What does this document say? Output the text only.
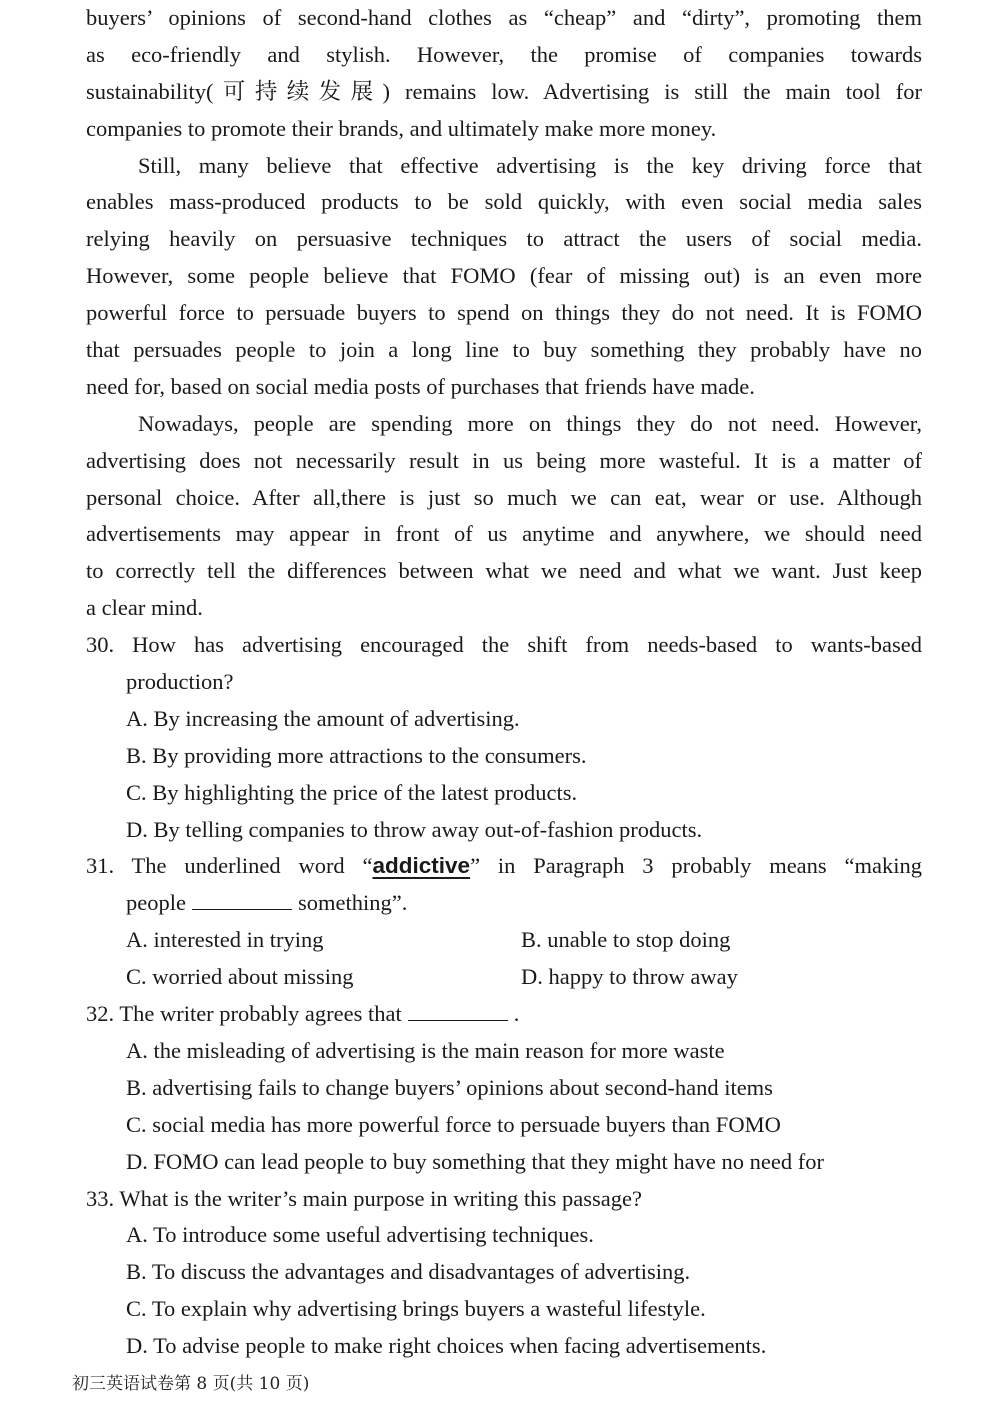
buyers’ opinions of second-hand clothes as “cheap” and “dirty”, promoting them
as eco-friendly and stylish. However, the promise of companies towards
sustainability(可持续发展) remains low. Advertising is still the main tool for
companies to promote their brands, and ultimately make more money.
Still, many believe that effective advertising is the key driving force that
enables mass-produced products to be sold quickly, with even social media sales
relying heavily on persuasive techniques to attract the users of social media.
However, some people believe that FOMO (fear of missing out) is an even more
powerful force to persuade buyers to spend on things they do not need. It is FOMO
that persuades people to join a long line to buy something they probably have no
need for, based on social media posts of purchases that friends have made.
Nowadays, people are spending more on things they do not need. However,
advertising does not necessarily result in us being more wasteful. It is a matter of
personal choice. After all,there is just so much we can eat, wear or use. Although
advertisements may appear in front of us anytime and anywhere, we should need
to correctly tell the differences between what we need and what we want. Just keep
a clear mind.
30. How has advertising encouraged the shift from needs-based to wants-based
production?
A. By increasing the amount of advertising.
B. By providing more attractions to the consumers.
C. By highlighting the price of the latest products.
D. By telling companies to throw away out-of-fashion products.
31. The underlined word “addictive” in Paragraph 3 probably means “making
people	something”.
A. interested in trying	B. unable to stop doing
C. worried about missing	D. happy to throw away
32. The writer probably agrees that	.
A. the misleading of advertising is the main reason for more waste
B. advertising fails to change buyers’ opinions about second-hand items
C. social media has more powerful force to persuade buyers than FOMO
D. FOMO can lead people to buy something that they might have no need for
33. What is the writer’s main purpose in writing this passage?
A. To introduce some useful advertising techniques.
B. To discuss the advantages and disadvantages of advertising.
C. To explain why advertising brings buyers a wasteful lifestyle.
D. To advise people to make right choices when facing advertisements.
初三英语试卷第 8 页(共 10 页)
